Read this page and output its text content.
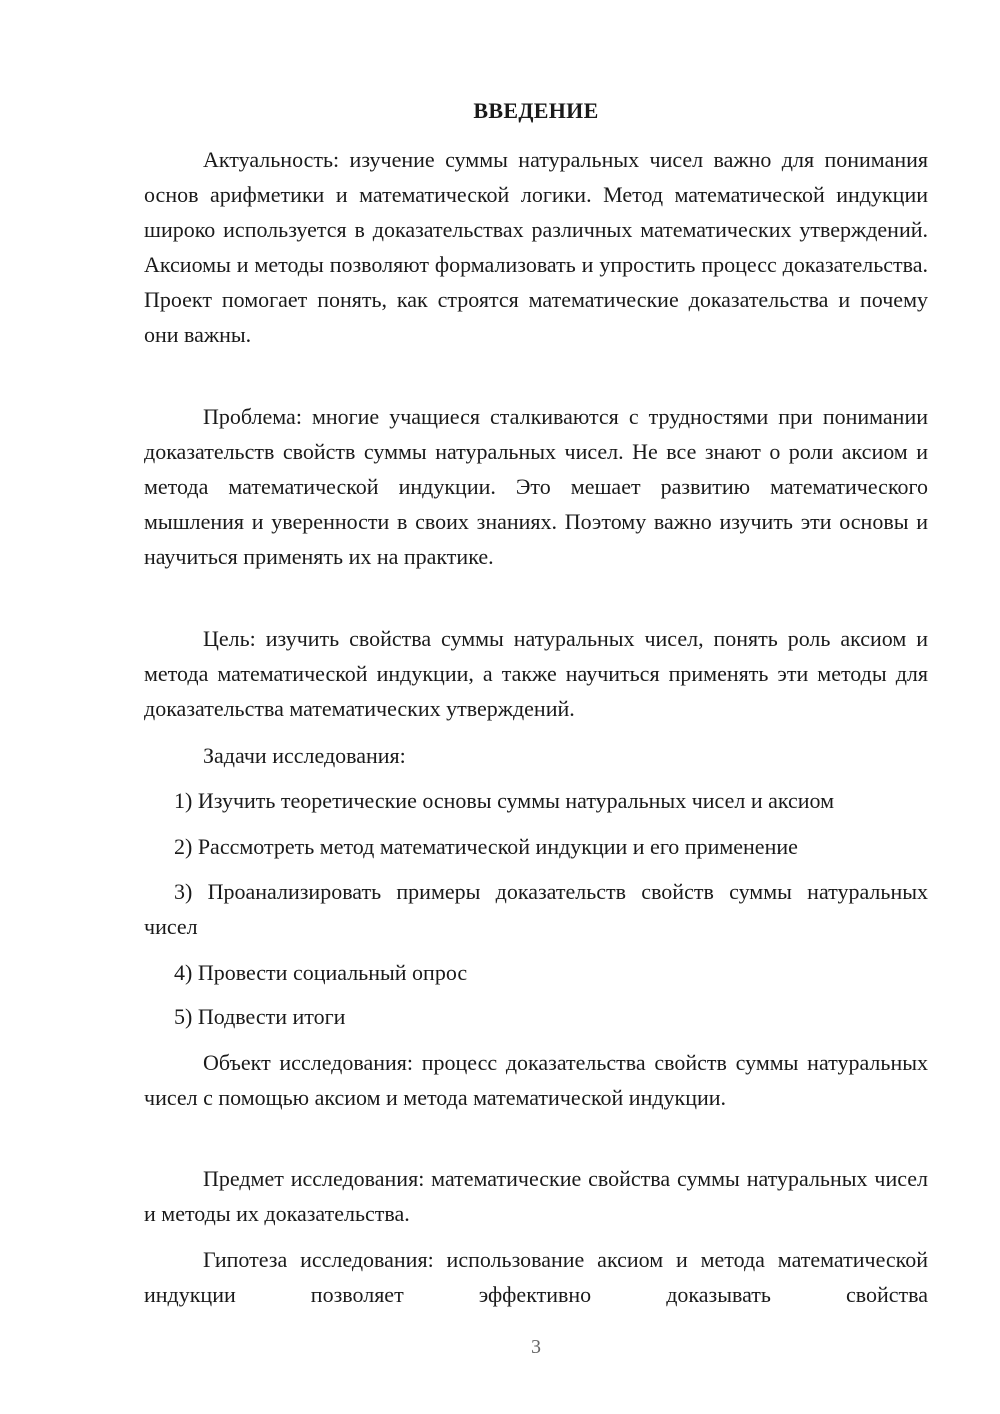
ВВЕДЕНИЕ

Актуальность: изучение суммы натуральных чисел важно для понимания основ арифметики и математической логики. Метод математической индукции широко используется в доказательствах различных математических утверждений. Аксиомы и методы позволяют формализовать и упростить процесс доказательства. Проект помогает понять, как строятся математические доказательства и почему они важны.

Проблема: многие учащиеся сталкиваются с трудностями при понимании доказательств свойств суммы натуральных чисел. Не все знают о роли аксиом и метода математической индукции. Это мешает развитию математического мышления и уверенности в своих знаниях. Поэтому важно изучить эти основы и научиться применять их на практике.

Цель: изучить свойства суммы натуральных чисел, понять роль аксиом и метода математической индукции, а также научиться применять эти методы для доказательства математических утверждений.

Задачи исследования:

1) Изучить теоретические основы суммы натуральных чисел и аксиом

2) Рассмотреть метод математической индукции и его применение

3) Проанализировать примеры доказательств свойств суммы натуральных чисел

4) Провести социальный опрос

5) Подвести итоги

Объект исследования: процесс доказательства свойств суммы натуральных чисел с помощью аксиом и метода математической индукции.

Предмет исследования: математические свойства суммы натуральных чисел и методы их доказательства.

Гипотеза исследования: использование аксиом и метода математической индукции позволяет эффективно доказывать свойства

3
